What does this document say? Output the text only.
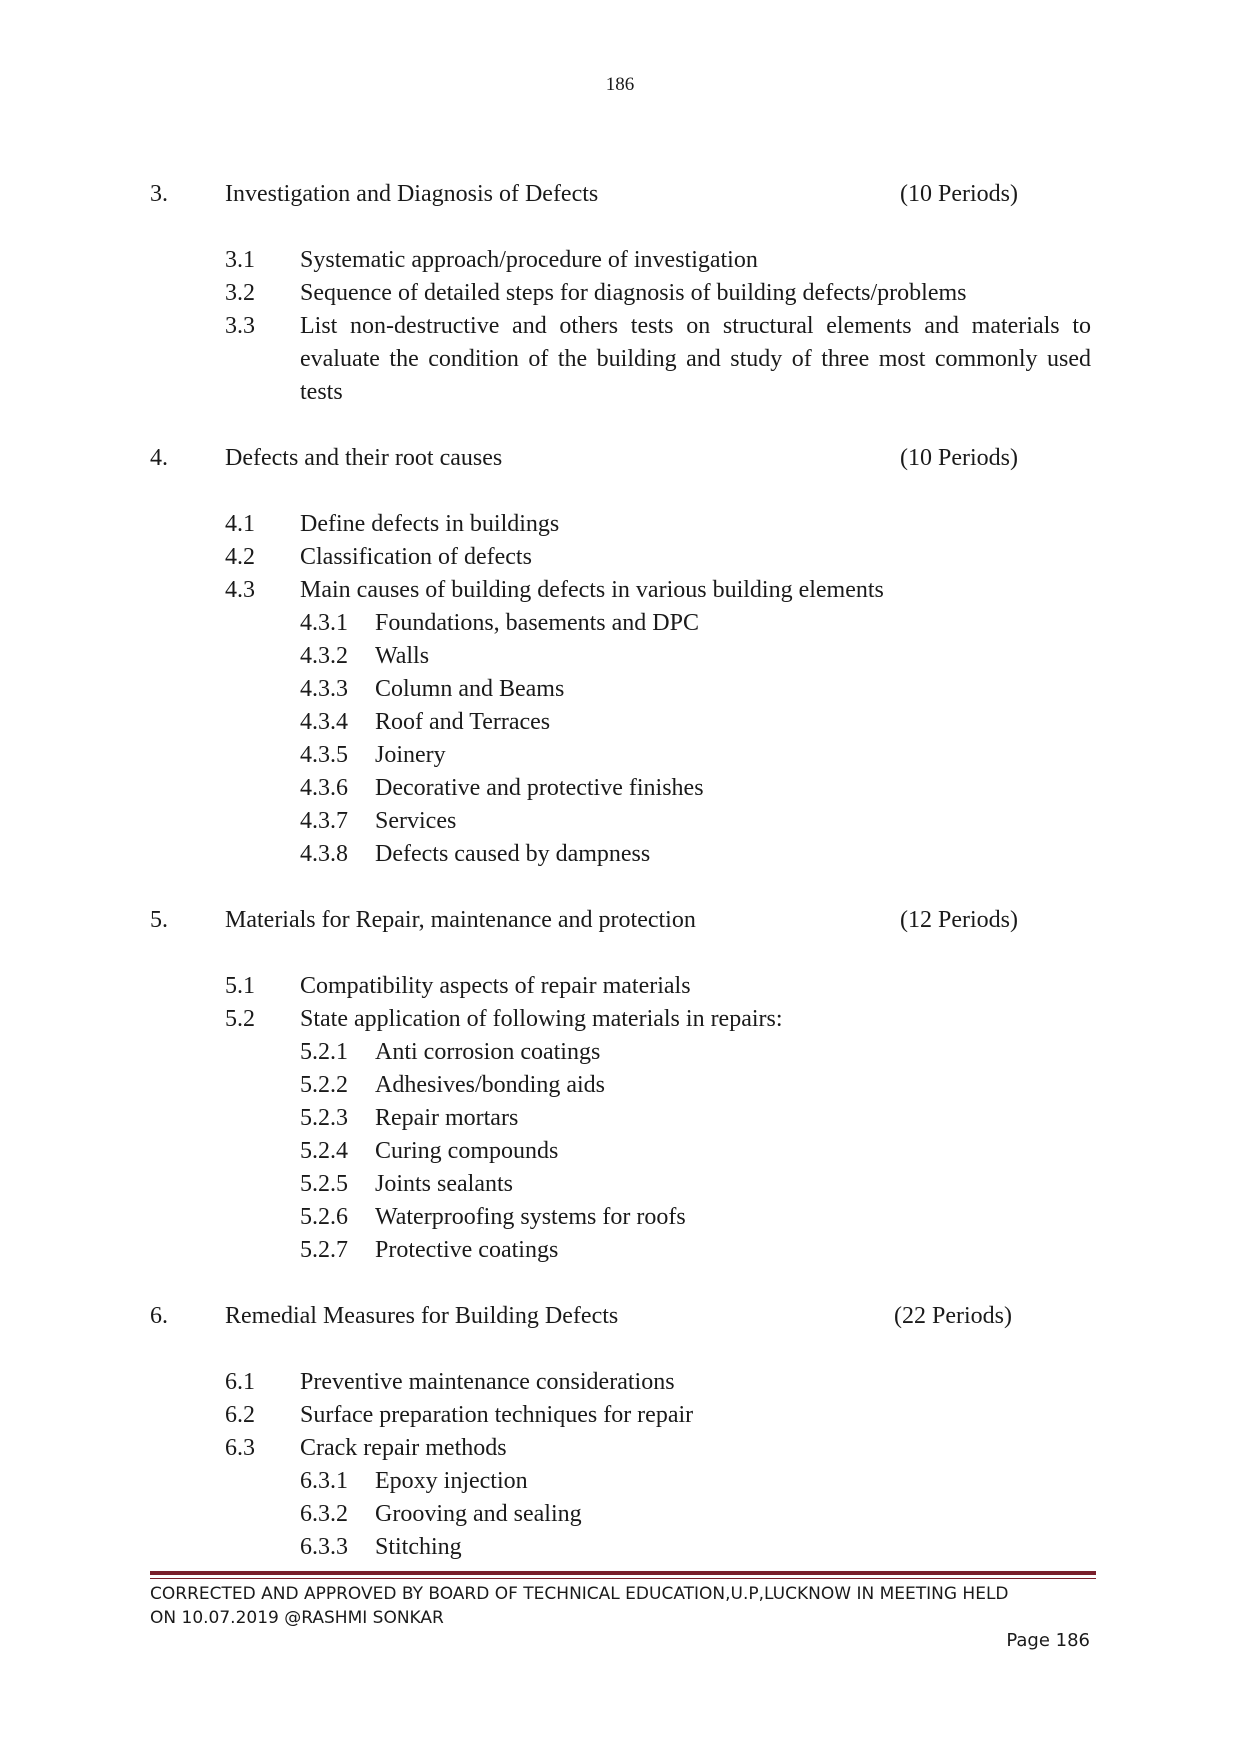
186
3. Investigation and Diagnosis of Defects	(10 Periods)
3.1 Systematic approach/procedure of investigation
3.2 Sequence of detailed steps for diagnosis of building defects/problems
3.3 List non-destructive and others tests on structural elements and materials to evaluate the condition of the building and study of three most commonly used tests
4. Defects and their root causes	(10 Periods)
4.1 Define defects in buildings
4.2 Classification of defects
4.3 Main causes of building defects in various building elements
4.3.1 Foundations, basements and DPC
4.3.2 Walls
4.3.3 Column and Beams
4.3.4 Roof and Terraces
4.3.5 Joinery
4.3.6 Decorative and protective finishes
4.3.7 Services
4.3.8 Defects caused by dampness
5. Materials for Repair, maintenance and protection	(12 Periods)
5.1 Compatibility aspects of repair materials
5.2 State application of following materials in repairs:
5.2.1 Anti corrosion coatings
5.2.2 Adhesives/bonding aids
5.2.3 Repair mortars
5.2.4 Curing compounds
5.2.5 Joints sealants
5.2.6 Waterproofing systems for roofs
5.2.7 Protective coatings
6. Remedial Measures for Building Defects	(22 Periods)
6.1 Preventive maintenance considerations
6.2 Surface preparation techniques for repair
6.3 Crack repair methods
6.3.1 Epoxy injection
6.3.2 Grooving and sealing
6.3.3 Stitching
CORRECTED AND APPROVED BY BOARD OF TECHNICAL EDUCATION,U.P,LUCKNOW IN MEETING HELD
ON 10.07.2019 @RASHMI SONKAR
Page 186
